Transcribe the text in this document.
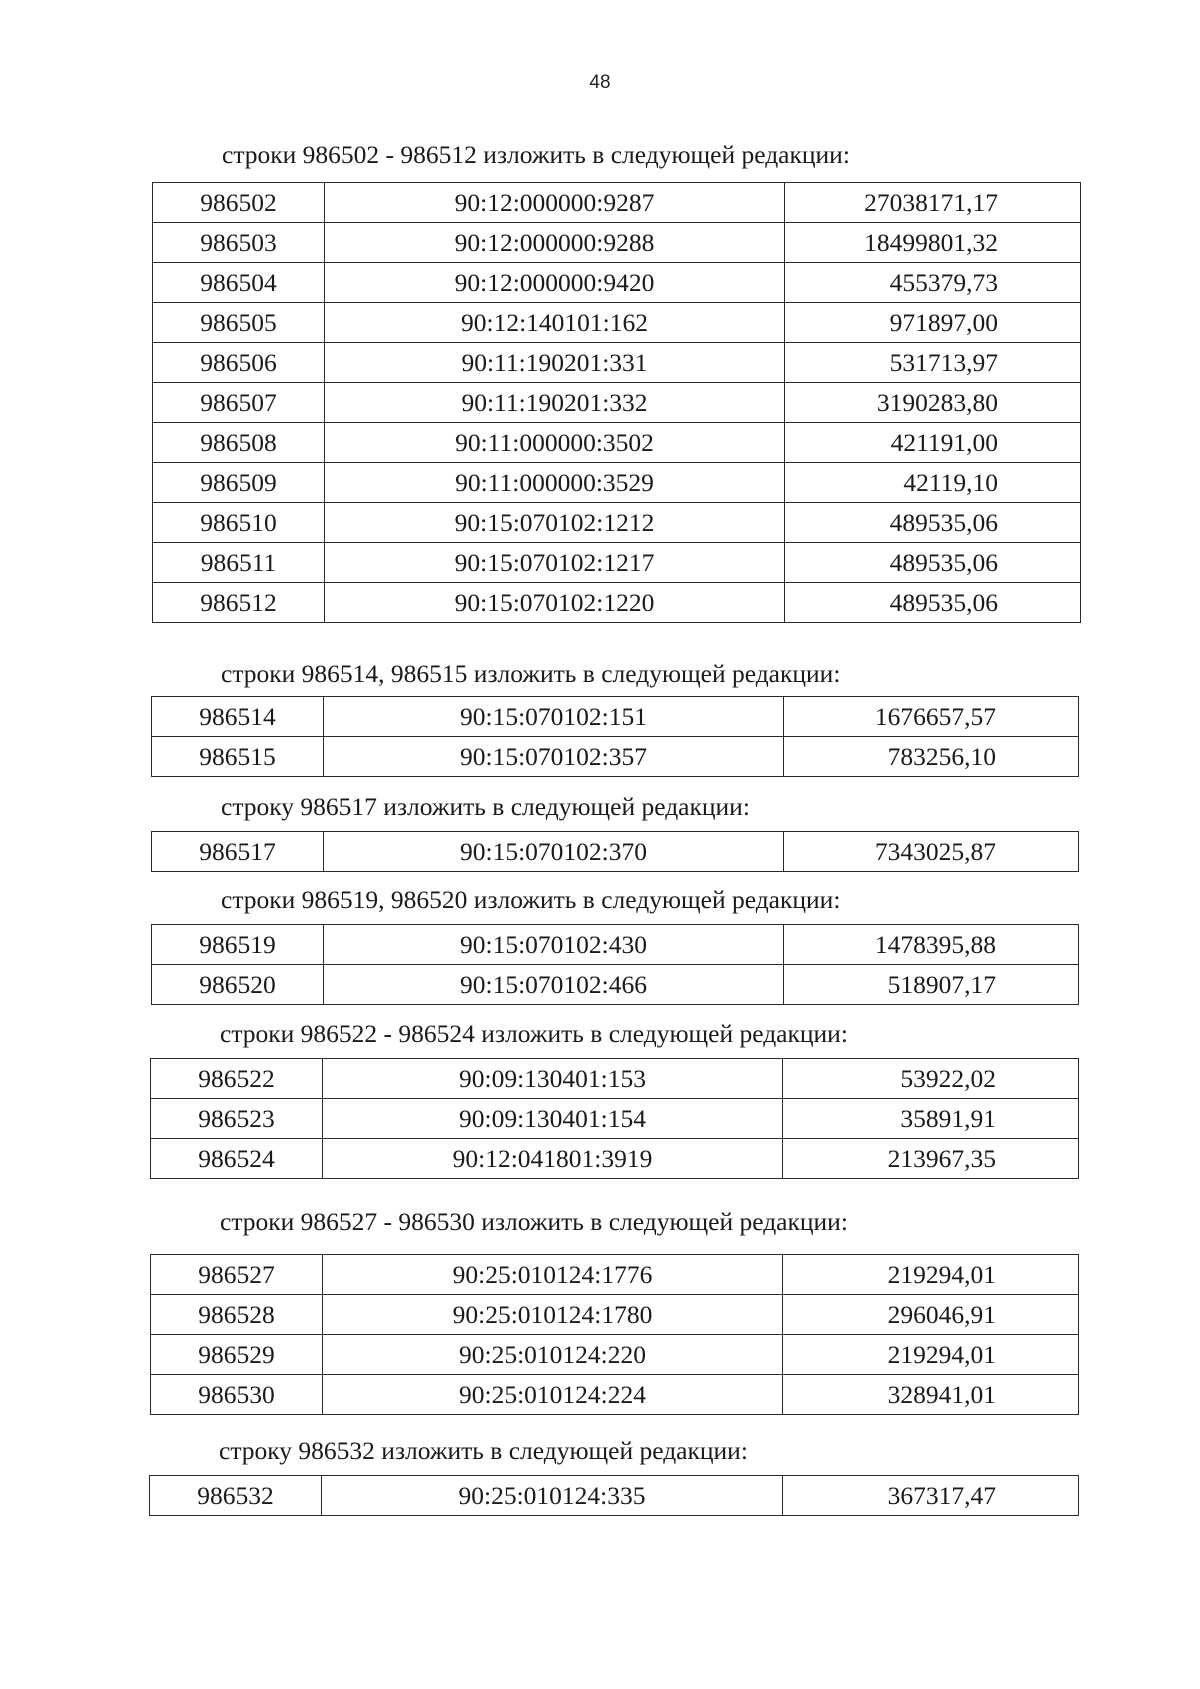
48

строки 986502 - 986512 изложить в следующей редакции:

986502	90:12:000000:9287	27038171,17
986503	90:12:000000:9288	18499801,32
986504	90:12:000000:9420	455379,73
986505	90:12:140101:162	971897,00
986506	90:11:190201:331	531713,97
986507	90:11:190201:332	3190283,80
986508	90:11:000000:3502	421191,00
986509	90:11:000000:3529	42119,10
986510	90:15:070102:1212	489535,06
986511	90:15:070102:1217	489535,06
986512	90:15:070102:1220	489535,06

строки 986514, 986515 изложить в следующей редакции:

986514	90:15:070102:151	1676657,57
986515	90:15:070102:357	783256,10

строку 986517 изложить в следующей редакции:

986517	90:15:070102:370	7343025,87

строки 986519, 986520 изложить в следующей редакции:

986519	90:15:070102:430	1478395,88
986520	90:15:070102:466	518907,17

строки 986522 - 986524 изложить в следующей редакции:

986522	90:09:130401:153	53922,02
986523	90:09:130401:154	35891,91
986524	90:12:041801:3919	213967,35

строки 986527 - 986530 изложить в следующей редакции:

986527	90:25:010124:1776	219294,01
986528	90:25:010124:1780	296046,91
986529	90:25:010124:220	219294,01
986530	90:25:010124:224	328941,01

строку 986532 изложить в следующей редакции:

986532	90:25:010124:335	367317,47
